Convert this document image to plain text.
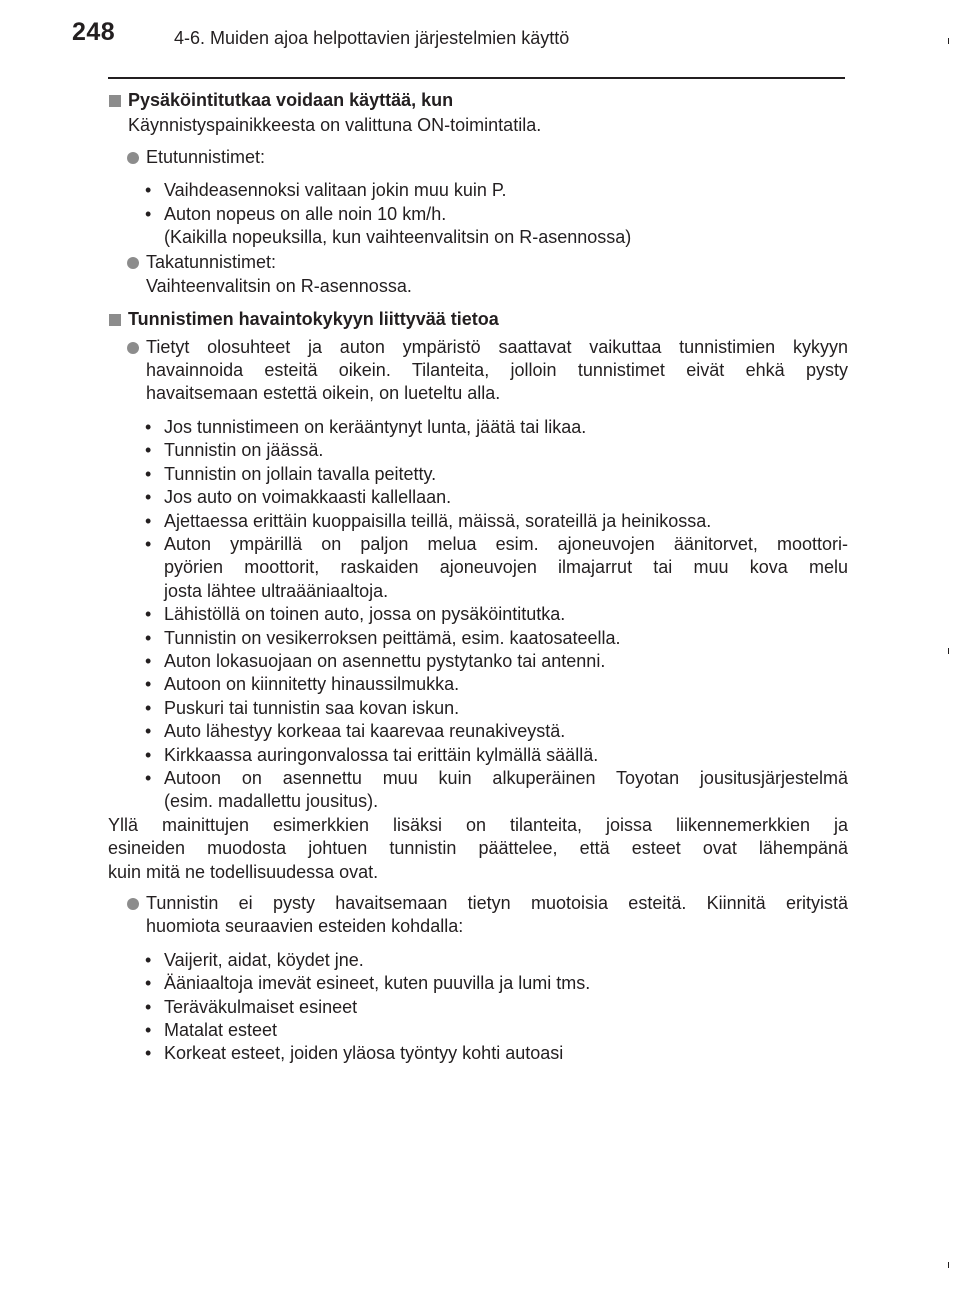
248	4-6. Muiden ajoa helpottavien järjestelmien käyttö
Pysäköintitutkaa voidaan käyttää, kun
Käynnistyspainikkeesta on valittuna ON-toimintatila.
Etutunnistimet:
• Vaihdeasennoksi valitaan jokin muu kuin P.
• Auton nopeus on alle noin 10 km/h.
(Kaikilla nopeuksilla, kun vaihteenvalitsin on R-asennossa)
Takatunnistimet:
Vaihteenvalitsin on R-asennossa.
Tunnistimen havaintokykyyn liittyvää tietoa
Tietyt olosuhteet ja auton ympäristö saattavat vaikuttaa tunnistimien kykyyn
havainnoida esteitä oikein. Tilanteita, jolloin tunnistimet eivät ehkä pysty
havaitsemaan estettä oikein, on lueteltu alla.
• Jos tunnistimeen on kerääntynyt lunta, jäätä tai likaa.
• Tunnistin on jäässä.
• Tunnistin on jollain tavalla peitetty.
• Jos auto on voimakkaasti kallellaan.
• Ajettaessa erittäin kuoppaisilla teillä, mäissä, sorateillä ja heinikossa.
• Auton ympärillä on paljon melua esim. ajoneuvojen äänitorvet, moottori-
pyörien moottorit, raskaiden ajoneuvojen ilmajarrut tai muu kova melu
josta lähtee ultraääniaaltoja.
• Lähistöllä on toinen auto, jossa on pysäköintitutka.
• Tunnistin on vesikerroksen peittämä, esim. kaatosateella.
• Auton lokasuojaan on asennettu pystytanko tai antenni.
• Autoon on kiinnitetty hinaussilmukka.
• Puskuri tai tunnistin saa kovan iskun.
• Auto lähestyy korkeaa tai kaarevaa reunakiveystä.
• Kirkkaassa auringonvalossa tai erittäin kylmällä säällä.
• Autoon on asennettu muu kuin alkuperäinen Toyotan jousitusjärjestelmä
(esim. madallettu jousitus).
Yllä mainittujen esimerkkien lisäksi on tilanteita, joissa liikennemerkkien ja
esineiden muodosta johtuen tunnistin päättelee, että esteet ovat lähempänä
kuin mitä ne todellisuudessa ovat.
Tunnistin ei pysty havaitsemaan tietyn muotoisia esteitä. Kiinnitä erityistä
huomiota seuraavien esteiden kohdalla:
• Vaijerit, aidat, köydet jne.
• Ääniaaltoja imevät esineet, kuten puuvilla ja lumi tms.
• Teräväkulmaiset esineet
• Matalat esteet
• Korkeat esteet, joiden yläosa työntyy kohti autoasi
